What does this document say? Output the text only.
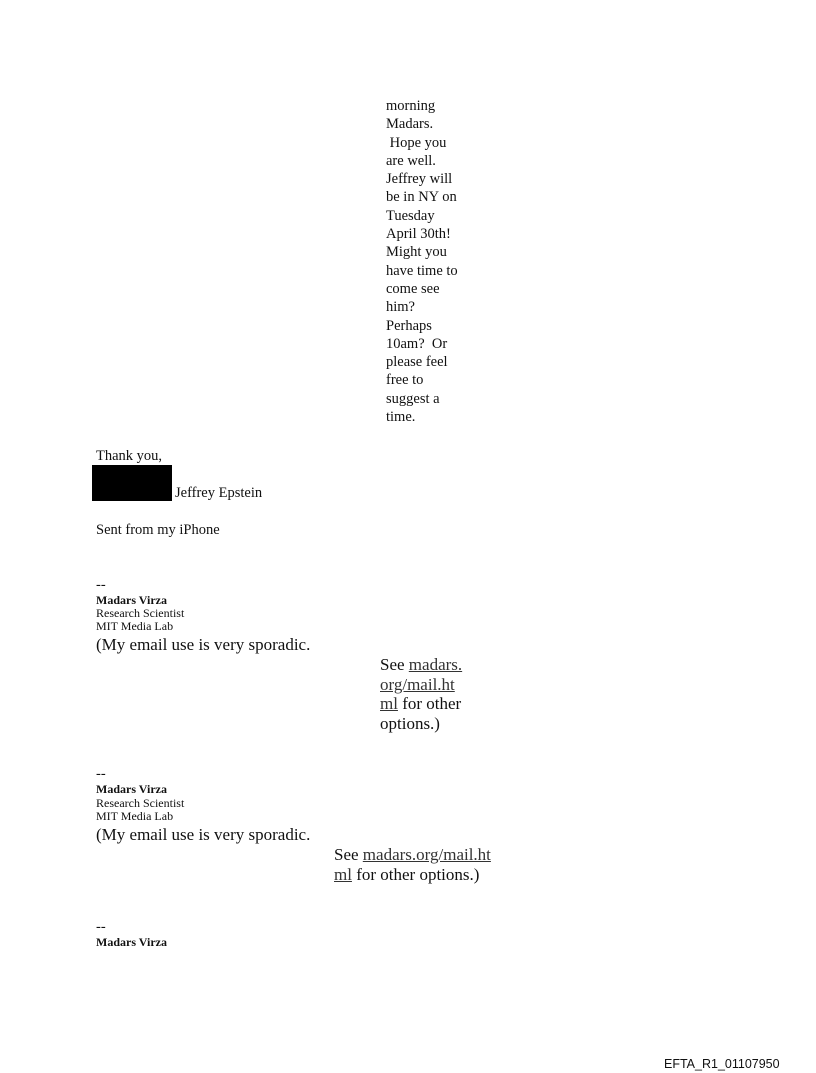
morning
Madars.
Hope you
are well.
Jeffrey will
be in NY on
Tuesday
April 30th!
Might you
have time to
come see
him?
Perhaps
10am?  Or
please feel
free to
suggest a
time.
Thank you,
Jeffrey Epstein
Sent from my iPhone
--
Madars Virza
Research Scientist
MIT Media Lab
(My email use is very sporadic.
See madars.
org/mail.ht
ml for other
options.)
--
Madars Virza
Research Scientist
MIT Media Lab
(My email use is very sporadic.
See madars.org/mail.ht
ml for other options.)
--
Madars Virza
EFTA_R1_01107950
